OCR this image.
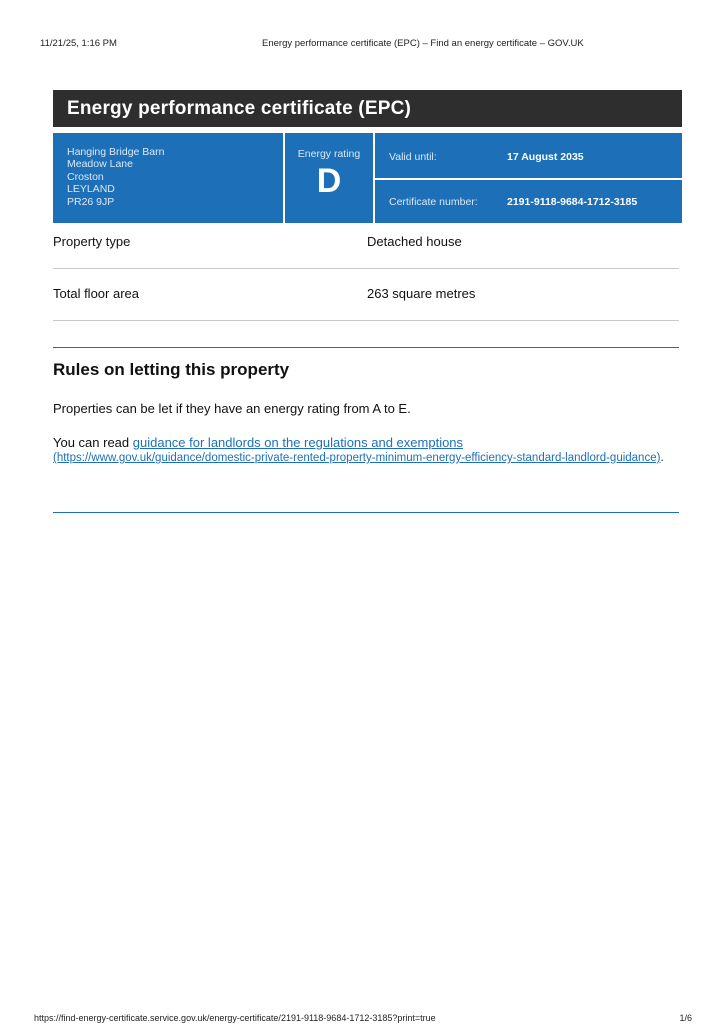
11/21/25, 1:16 PM	Energy performance certificate (EPC) – Find an energy certificate – GOV.UK
Energy performance certificate (EPC)
Hanging Bridge Barn
Meadow Lane
Croston
LEYLAND
PR26 9JP
Energy rating
D
Valid until:	17 August 2035
Certificate number:	2191-9118-9684-1712-3185
Property type	Detached house
Total floor area	263 square metres
Rules on letting this property

Properties can be let if they have an energy rating from A to E.

You can read guidance for landlords on the regulations and exemptions
(https://www.gov.uk/guidance/domestic-private-rented-property-minimum-energy-efficiency-standard-landlord-guidance).

https://find-energy-certificate.service.gov.uk/energy-certificate/2191-9118-9684-1712-3185?print=true	1/6
